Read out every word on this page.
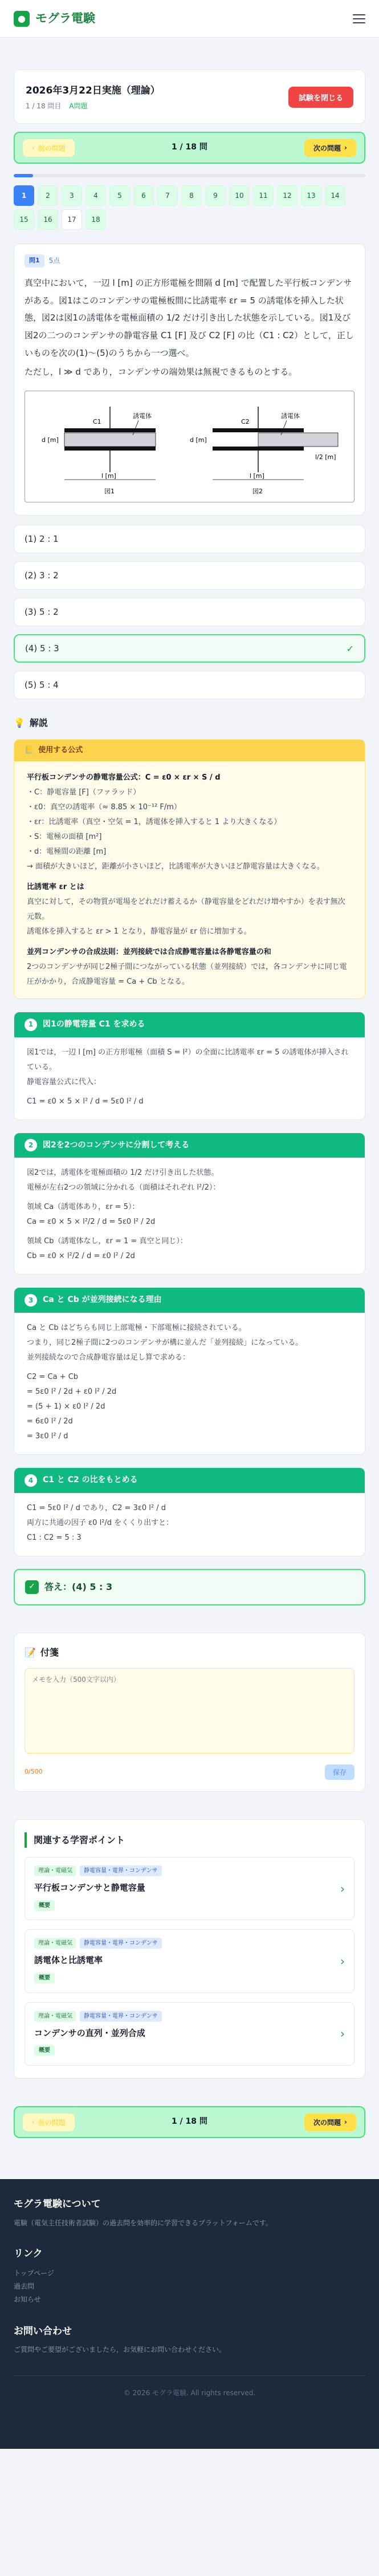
● モグラ電験
2026年3月22日実施（理論）
1 / 18 問目 A問題
試験を閉じる
‹ 前の問題	1 / 18 問	次の問題 ›
1	2	3	4	5	6	7	8	9	10	11	12	13	14
15	16	17	18
問1	5点

真空中において，一辺 l [m] の正方形電極を間隔 d [m] で配置した平行板コンデンサがある。図1はこのコンデンサの電極板間に比誘電率 εr = 5 の誘電体を挿入した状態，図2は図1の誘電体を電極面積の 1/2 だけ引き出した状態を示している。図1及び図2の二つのコンデンサの静電容量 C1 [F] 及び C2 [F] の比（C1 : C2）として，正しいものを次の(1)〜(5)のうちから一つ選べ。

ただし，l ≫ d であり，コンデンサの端効果は無視できるものとする。

C1
誘電体
d [m]
l [m]
図1
C2
誘電体
d [m]
l [m]
l/2 [m]
図2
(1) 2 : 1
(2) 3 : 2
(3) 5 : 2
(4) 5 : 3	✓
(5) 5 : 4
💡 解説
📒 使用する公式
平行板コンデンサの静電容量公式：C = ε0 × εr × S / d
・C：静電容量 [F]（ファラッド）
・ε0：真空の誘電率（≈ 8.85 × 10⁻¹² F/m）
・εr：比誘電率（真空・空気 = 1，誘電体を挿入すると 1 より大きくなる）
・S：電極の面積 [m²]
・d：電極間の距離 [m]
→ 面積が大きいほど，距離が小さいほど，比誘電率が大きいほど静電容量は大きくなる。
比誘電率 εr とは
真空に対して，その物質が電場をどれだけ蓄えるか（静電容量をどれだけ増やすか）を表す無次元数。
誘電体を挿入すると εr > 1 となり，静電容量が εr 倍に増加する。
並列コンデンサの合成法則：並列接続では合成静電容量は各静電容量の和
2つのコンデンサが同じ2極子間につながっている状態（並列接続）では，各コンデンサに同じ電圧がかかり，合成静電容量 = Ca + Cb となる。
1	図1の静電容量 C1 を求める
図1では，一辺 l [m] の正方形電極（面積 S = l²）の全面に比誘電率 εr = 5 の誘電体が挿入されている。
静電容量公式に代入：
C1 = ε0 × 5 × l² / d = 5ε0 l² / d
2	図2を2つのコンデンサに分割して考える
図2では，誘電体を電極面積の 1/2 だけ引き出した状態。
電極が左右2つの領域に分かれる（面積はそれぞれ l²/2）：
領域 Ca（誘電体あり，εr = 5）：
Ca = ε0 × 5 × l²/2 / d = 5ε0 l² / 2d
領域 Cb（誘電体なし，εr = 1 = 真空と同じ）：
Cb = ε0 × l²/2 / d = ε0 l² / 2d
3	Ca と Cb が並列接続になる理由
Ca と Cb はどちらも同じ上部電極・下部電極に接続されている。
つまり，同じ2極子間に2つのコンデンサが構に並んだ「並列接続」になっている。
並列接続なので合成静電容量は足し算で求める：
C2 = Ca + Cb
= 5ε0 l² / 2d + ε0 l² / 2d
= (5 + 1) × ε0 l² / 2d
= 6ε0 l² / 2d
= 3ε0 l² / d
4	C1 と C2 の比をもとめる
C1 = 5ε0 l² / d であり，C2 = 3ε0 l² / d
両方に共通の因子 ε0 l²/d をくくり出すと：
C1 : C2 = 5 : 3
✓	答え：(4) 5 : 3
📝 付箋
メモを入力（500文字以内）
0/500	保存
関連する学習ポイント
理論・電磁気	静電容量・電界・コンデンサ
平行板コンデンサと静電容量
概要
›
理論・電磁気	静電容量・電界・コンデンサ
誘電体と比誘電率
概要
›
理論・電磁気	静電容量・電界・コンデンサ
コンデンサの直列・並列合成
概要
›
‹ 前の問題	1 / 18 問	次の問題 ›
モグラ電験について

電験（電気主任技術者試験）の過去問を効率的に学習できるプラットフォームです。

リンク
トップページ
過去問
お知らせ
お問い合わせ

ご質問やご要望がございましたら，お気軽にお問い合わせください。

© 2026 モグラ電験. All rights reserved.
